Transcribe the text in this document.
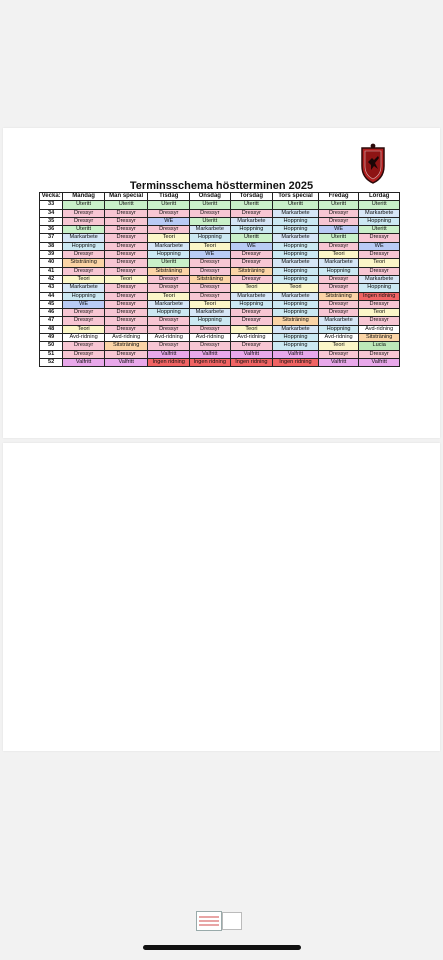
Terminsschema höstterminen 2025
Vecka:	Måndag	Mån special	Tisdag	Onsdag	Torsdag	Tors special	Fredag	Lördag
33	Uteritt	Uteritt	Uteritt	Uteritt	Uteritt	Uteritt	Uteritt	Uteritt
34	Dressyr	Dressyr	Dressyr	Dressyr	Dressyr	Markarbete	Dressyr	Markarbete
35	Dressyr	Dressyr	WE	Uteritt	Markarbete	Hoppning	Dressyr	Hoppning
36	Uteritt	Dressyr	Dressyr	Markarbete	Hoppning	Hoppning	WE	Uteritt
37	Markarbete	Dressyr	Teori	Hoppning	Uteritt	Markarbete	Uteritt	Dressyr
38	Hoppning	Dressyr	Markarbete	Teori	WE	Hoppning	Dressyr	WE
39	Dressyr	Dressyr	Hoppning	WE	Dressyr	Hoppning	Teori	Dressyr
40	Sitsträning	Dressyr	Uteritt	Dressyr	Dressyr	Markarbete	Markarbete	Teori
41	Dressyr	Dressyr	Sitsträning	Dressyr	Sitsträning	Hoppning	Hoppning	Dressyr
42	Teori	Teori	Dressyr	Sitsträning	Dressyr	Hoppning	Dressyr	Markarbete
43	Markarbete	Dressyr	Dressyr	Dressyr	Teori	Teori	Dressyr	Hoppning
44	Hoppning	Dressyr	Teori	Dressyr	Markarbete	Markarbete	Sitsträning	Ingen ridning
45	WE	Dressyr	Markarbete	Teori	Hoppning	Hoppning	Dressyr	Dressyr
46	Dressyr	Dressyr	Hoppning	Markarbete	Dressyr	Hoppning	Dressyr	Teori
47	Dressyr	Dressyr	Dressyr	Hoppning	Dressyr	Sitsträning	Markarbete	Dressyr
48	Teori	Dressyr	Dressyr	Dressyr	Teori	Markarbete	Hoppning	Avd-ridning
49	Avd-ridning	Avd-ridning	Avd-ridning	Avd-ridning	Avd-ridning	Hoppning	Avd-ridning	Sitsträning
50	Dressyr	Sitsträning	Dressyr	Dressyr	Dressyr	Hoppning	Teori	Lucia
51	Dressyr	Dressyr	Valfritt	Valfritt	Valfritt	Valfritt	Dressyr	Dressyr
52	Valfritt	Valfritt	Ingen ridning	Ingen ridning	Ingen ridning	Ingen ridning	Valfritt	Valfritt
